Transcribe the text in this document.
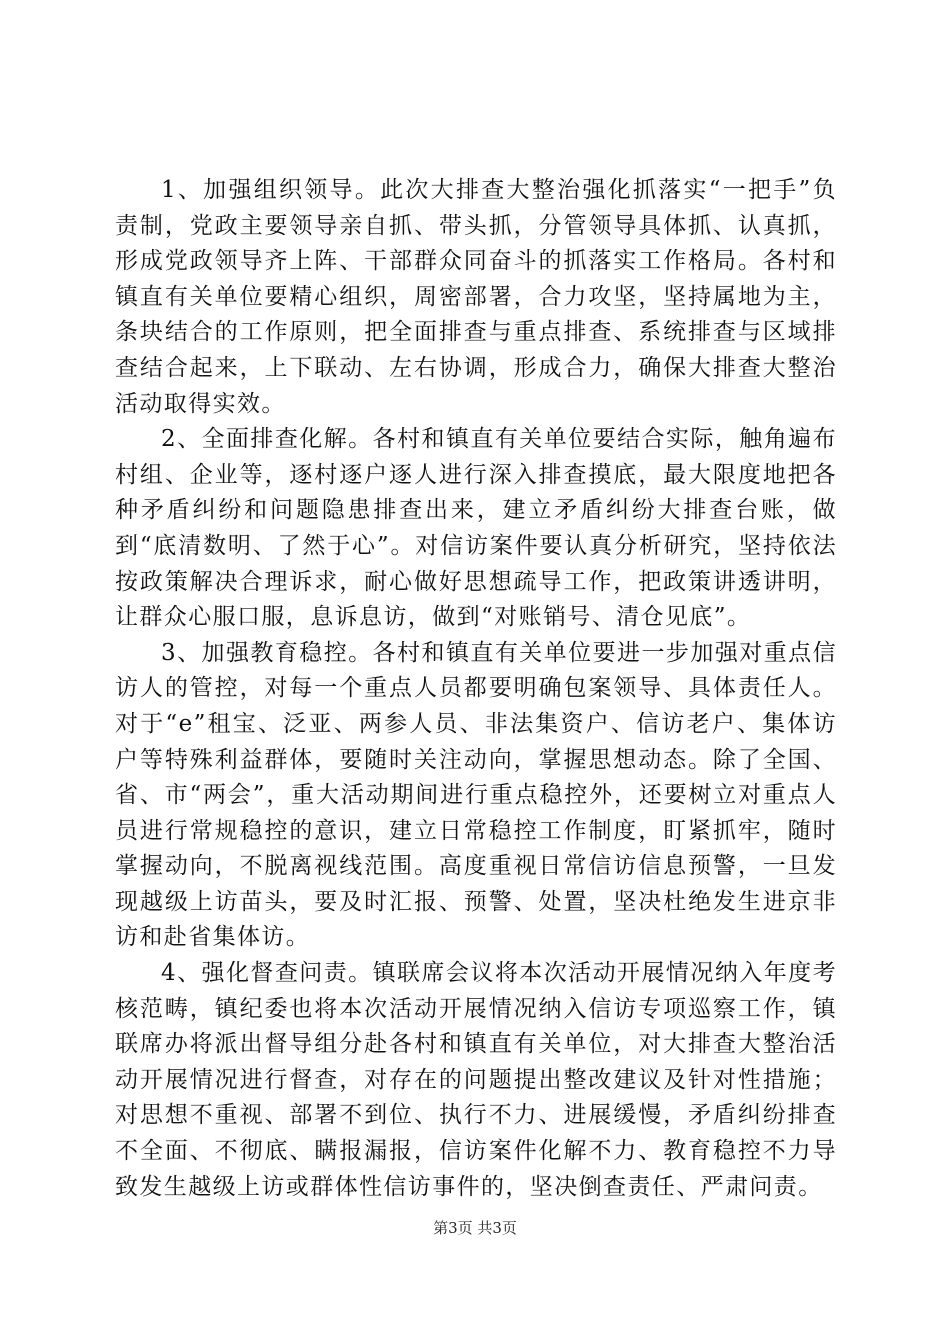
1、加强组织领导。此次大排查大整治强化抓落实“一把手”负责制，党政主要领导亲自抓、带头抓，分管领导具体抓、认真抓，形成党政领导齐上阵、干部群众同奋斗的抓落实工作格局。各村和镇直有关单位要精心组织，周密部署，合力攻坚，坚持属地为主，条块结合的工作原则，把全面排查与重点排查、系统排查与区域排查结合起来，上下联动、左右协调，形成合力，确保大排查大整治活动取得实效。

2、全面排查化解。各村和镇直有关单位要结合实际，触角遍布村组、企业等，逐村逐户逐人进行深入排查摸底，最大限度地把各种矛盾纠纷和问题隐患排查出来，建立矛盾纠纷大排查台账，做到“底清数明、了然于心”。对信访案件要认真分析研究，坚持依法按政策解决合理诉求，耐心做好思想疏导工作，把政策讲透讲明，让群众心服口服，息诉息访，做到“对账销号、清仓见底”。

3、加强教育稳控。各村和镇直有关单位要进一步加强对重点信访人的管控，对每一个重点人员都要明确包案领导、具体责任人。对于“e”租宝、泛亚、两参人员、非法集资户、信访老户、集体访户等特殊利益群体，要随时关注动向，掌握思想动态。除了全国、省、市“两会”，重大活动期间进行重点稳控外，还要树立对重点人员进行常规稳控的意识，建立日常稳控工作制度，盯紧抓牢，随时掌握动向，不脱离视线范围。高度重视日常信访信息预警，一旦发现越级上访苗头，要及时汇报、预警、处置，坚决杜绝发生进京非访和赴省集体访。

4、强化督查问责。镇联席会议将本次活动开展情况纳入年度考核范畴，镇纪委也将本次活动开展情况纳入信访专项巡察工作，镇联席办将派出督导组分赴各村和镇直有关单位，对大排查大整治活动开展情况进行督查，对存在的问题提出整改建议及针对性措施；对思想不重视、部署不到位、执行不力、进展缓慢，矛盾纠纷排查不全面、不彻底、瞒报漏报，信访案件化解不力、教育稳控不力导致发生越级上访或群体性信访事件的，坚决倒查责任、严肃问责。

第3页 共3页
